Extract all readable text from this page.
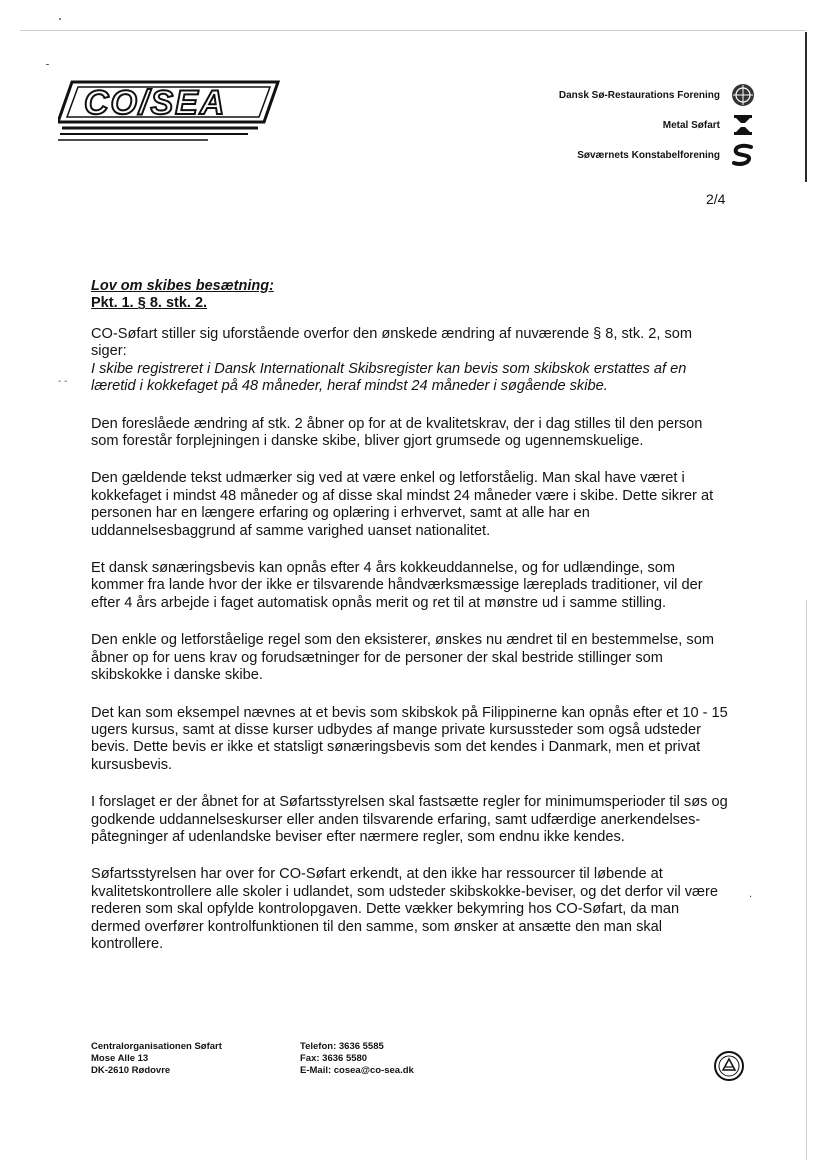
CO/SEA	Dansk Sø-Restaurations Forening
Metal Søfart
Søværnets Konstabelforening
2/4
- -
.
Lov om skibes besætning:
Pkt. 1. § 8. stk. 2.

CO-Søfart stiller sig uforstående overfor den ønskede ændring af nuværende § 8, stk. 2, som siger:

I skibe registreret i Dansk Internationalt Skibsregister kan bevis som skibskok erstattes af en læretid i kokkefaget på 48 måneder, heraf mindst 24 måneder i søgående skibe.

Den foreslåede ændring af stk. 2 åbner op for at de kvalitetskrav, der i dag stilles til den person som forestår forplejningen i danske skibe, bliver gjort grumsede og ugennemskuelige.

Den gældende tekst udmærker sig ved at være enkel og letforståelig. Man skal have været i kokkefaget i mindst 48 måneder og af disse skal mindst 24 måneder være i skibe. Dette sikrer at personen har en længere erfaring og oplæring i erhvervet, samt at alle har en uddannelsesbaggrund af samme varighed uanset nationalitet.

Et dansk sønæringsbevis kan opnås efter 4 års kokkeuddannelse, og for udlændinge, som kommer fra lande hvor der ikke er tilsvarende håndværksmæssige læreplads traditioner, vil der efter 4 års arbejde i faget automatisk opnås merit og ret til at mønstre ud i samme stilling.

Den enkle og letforståelige regel som den eksisterer, ønskes nu ændret til en bestemmelse, som åbner op for uens krav og forudsætninger for de personer der skal bestride stillinger som skibskokke i danske skibe.

Det kan som eksempel nævnes at et bevis som skibskok på Filippinerne kan opnås efter et 10 - 15 ugers kursus, samt at disse kurser udbydes af mange private kursussteder som også udsteder bevis. Dette bevis er ikke et statsligt sønæringsbevis som det kendes i Danmark, men et privat kursusbevis.

I forslaget er der åbnet for at Søfartsstyrelsen skal fastsætte regler for minimumsperioder til søs og godkende uddannelseskurser eller anden tilsvarende erfaring, samt udfærdige anerkendelses-påtegninger af udenlandske beviser efter nærmere regler, som endnu ikke kendes.

Søfartsstyrelsen har over for CO-Søfart erkendt, at den ikke har ressourcer til løbende at kvalitetskontrollere alle skoler i udlandet, som udsteder skibskokke-beviser, og det derfor vil være rederen som skal opfylde kontrolopgaven. Dette vækker bekymring hos CO-Søfart, da man dermed overfører kontrolfunktionen til den samme, som ønsker at ansætte den man skal kontrollere.

Centralorganisationen Søfart
Mose Alle 13
DK-2610 Rødovre
Telefon: 3636 5585
Fax: 3636 5580
E-Mail: cosea@co-sea.dk
